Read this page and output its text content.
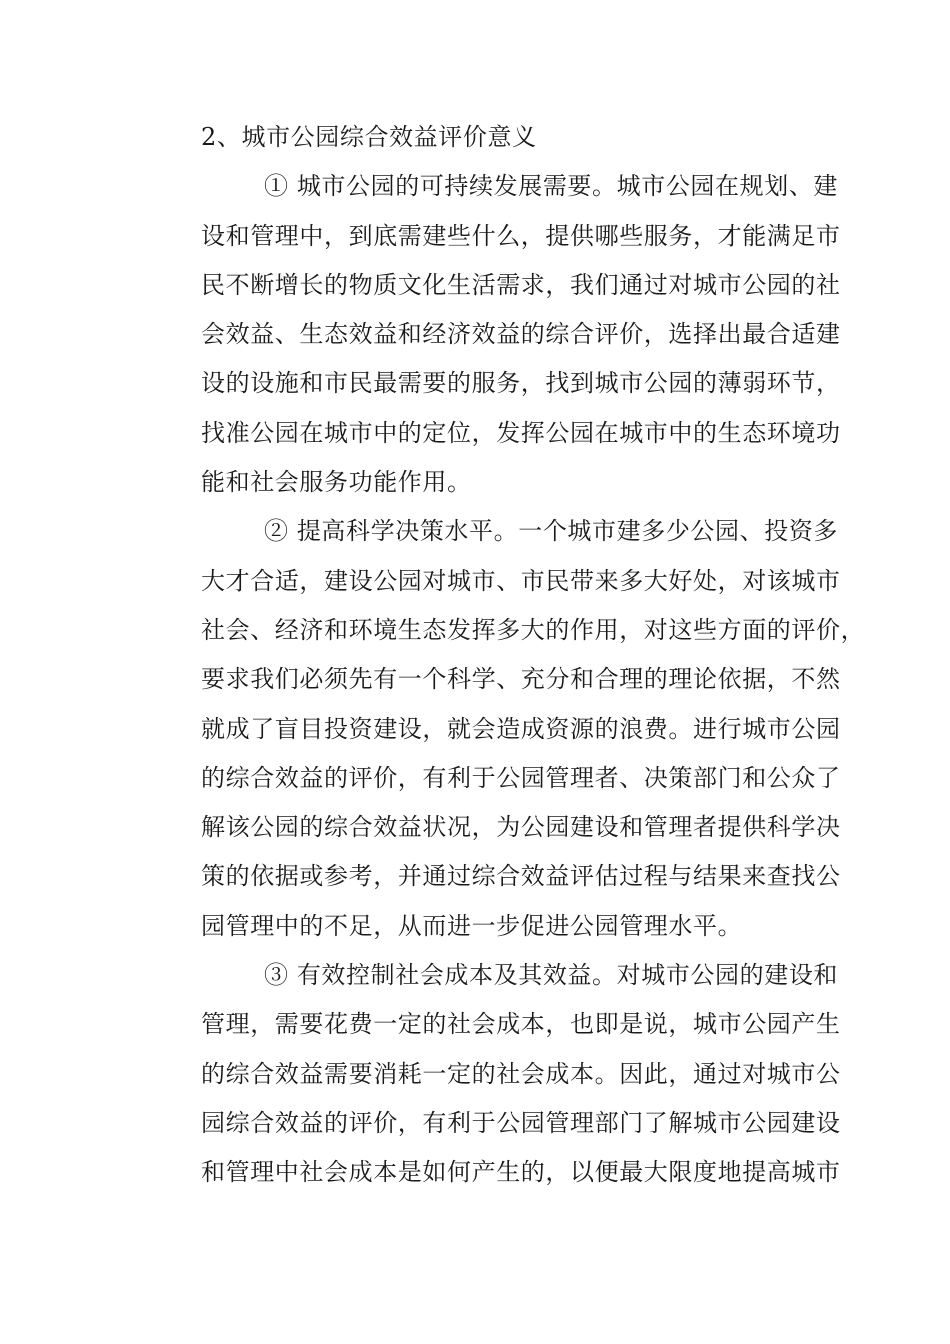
2、城市公园综合效益评价意义
① 城市公园的可持续发展需要。城市公园在规划、建
设和管理中，到底需建些什么，提供哪些服务，才能满足市
民不断增长的物质文化生活需求，我们通过对城市公园的社
会效益、生态效益和经济效益的综合评价，选择出最合适建
设的设施和市民最需要的服务，找到城市公园的薄弱环节，
找准公园在城市中的定位，发挥公园在城市中的生态环境功
能和社会服务功能作用。
② 提高科学决策水平。一个城市建多少公园、投资多
大才合适，建设公园对城市、市民带来多大好处，对该城市
社会、经济和环境生态发挥多大的作用，对这些方面的评价，
要求我们必须先有一个科学、充分和合理的理论依据，不然
就成了盲目投资建设，就会造成资源的浪费。进行城市公园
的综合效益的评价，有利于公园管理者、决策部门和公众了
解该公园的综合效益状况，为公园建设和管理者提供科学决
策的依据或参考，并通过综合效益评估过程与结果来查找公
园管理中的不足，从而进一步促进公园管理水平。
③ 有效控制社会成本及其效益。对城市公园的建设和
管理，需要花费一定的社会成本，也即是说，城市公园产生
的综合效益需要消耗一定的社会成本。因此，通过对城市公
园综合效益的评价，有利于公园管理部门了解城市公园建设
和管理中社会成本是如何产生的，以便最大限度地提高城市
